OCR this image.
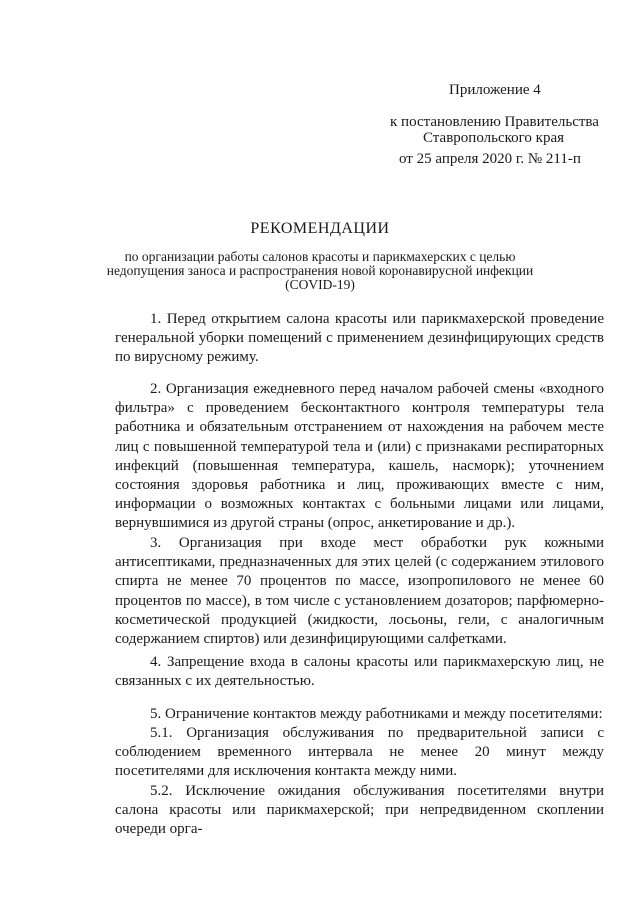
Приложение 4
к постановлению Правительства
Ставропольского края
от 25 апреля 2020 г. № 211-п
РЕКОМЕНДАЦИИ
по организации работы салонов красоты и парикмахерских с целью недопущения заноса и распространения новой коронавирусной инфекции (COVID-19)
1. Перед открытием салона красоты или парикмахерской проведение генеральной уборки помещений с применением дезинфицирующих средств по вирусному режиму.
2. Организация ежедневного перед началом рабочей смены «входного фильтра» с проведением бесконтактного контроля температуры тела работника и обязательным отстранением от нахождения на рабочем месте лиц с повышенной температурой тела и (или) с признаками респираторных инфекций (повышенная температура, кашель, насморк); уточнением состояния здоровья работника и лиц, проживающих вместе с ним, информации о возможных контактах с больными лицами или лицами, вернувшимися из другой страны (опрос, анкетирование и др.).
3. Организация при входе мест обработки рук кожными антисептиками, предназначенных для этих целей (с содержанием этилового спирта не менее 70 процентов по массе, изопропилового не менее 60 процентов по массе), в том числе с установлением дозаторов; парфюмерно-косметической продукцией (жидкости, лосьоны, гели, с аналогичным содержанием спиртов) или дезинфицирующими салфетками.
4. Запрещение входа в салоны красоты или парикмахерскую лиц, не связанных с их деятельностью.
5. Ограничение контактов между работниками и между посетителями:
5.1. Организация обслуживания по предварительной записи с соблюдением временного интервала не менее 20 минут между посетителями для исключения контакта между ними.
5.2. Исключение ожидания обслуживания посетителями внутри салона красоты или парикмахерской; при непредвиденном скоплении очереди орга-
